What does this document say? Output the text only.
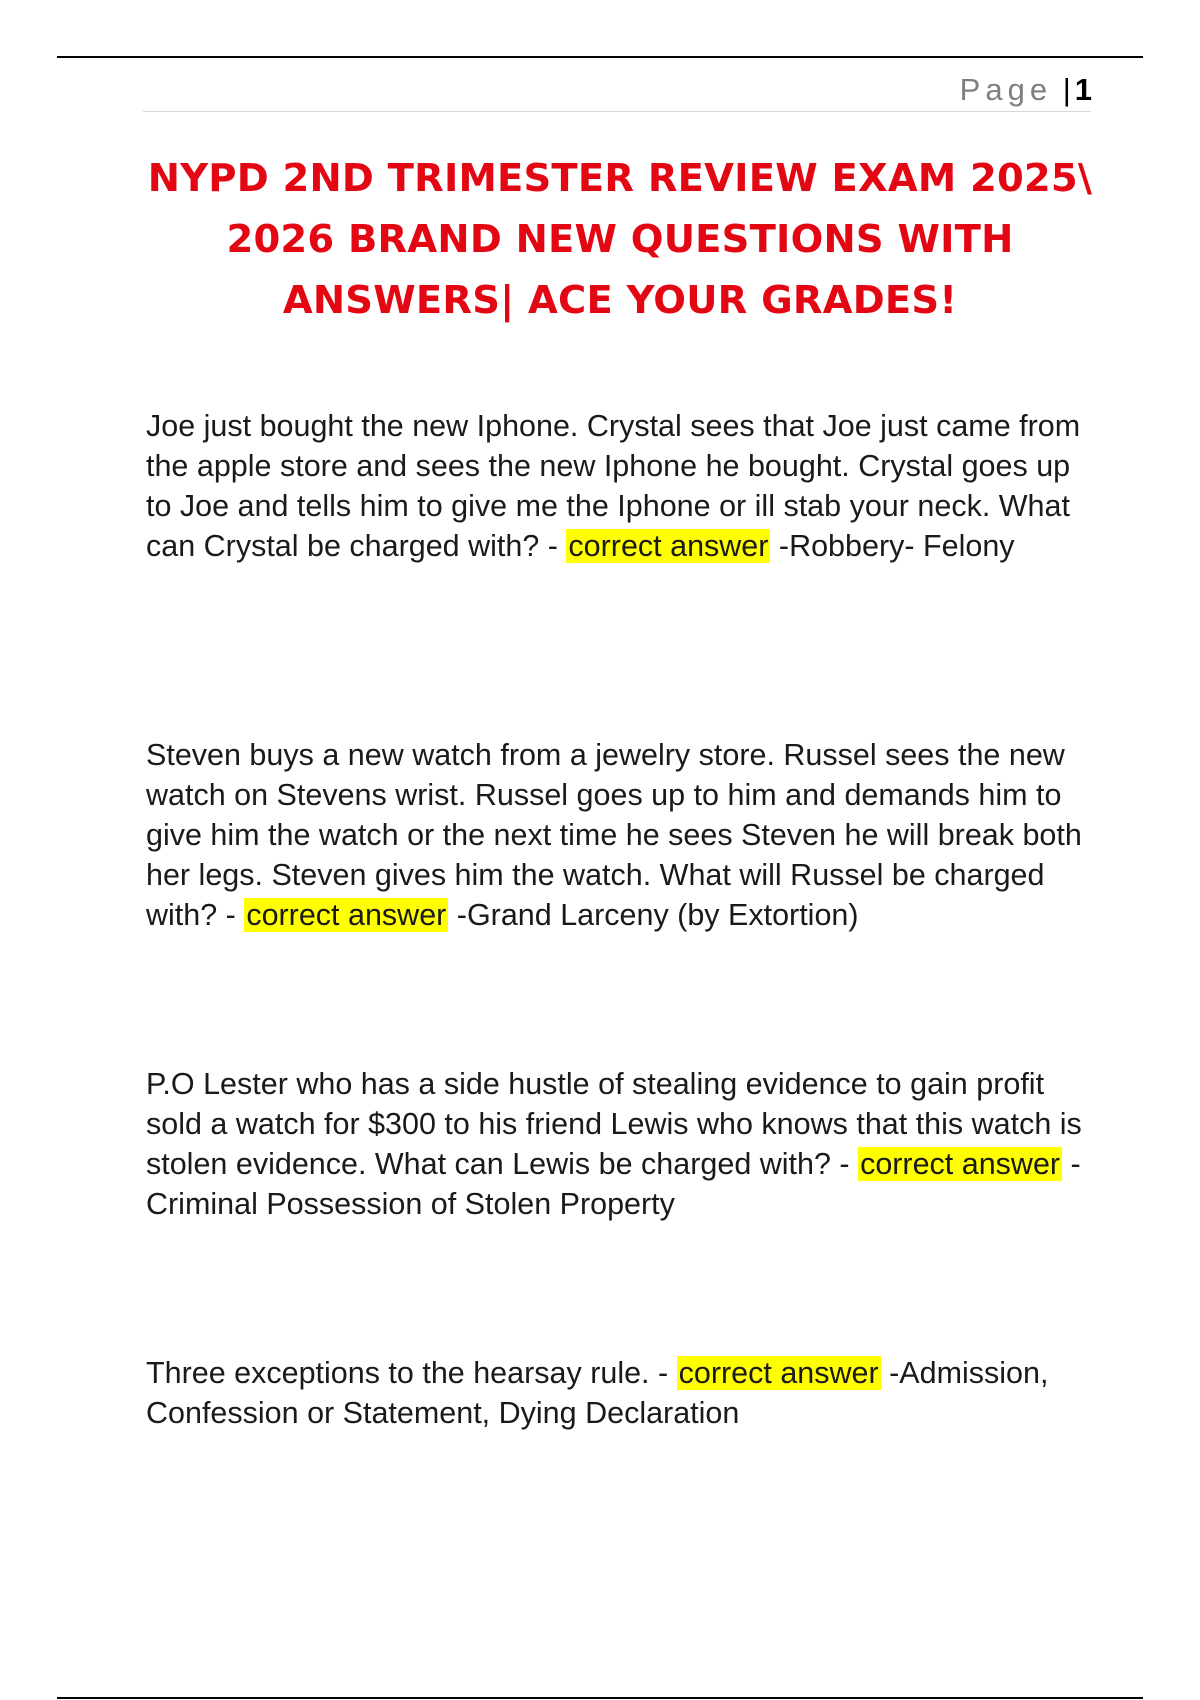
Page | 1
NYPD 2ND TRIMESTER REVIEW EXAM 2025\ 2026 BRAND NEW QUESTIONS WITH ANSWERS| ACE YOUR GRADES!

Joe just bought the new Iphone. Crystal sees that Joe just came from the apple store and sees the new Iphone he bought. Crystal goes up to Joe and tells him to give me the Iphone or ill stab your neck. What can Crystal be charged with? - correct answer -Robbery- Felony

Steven buys a new watch from a jewelry store. Russel sees the new watch on Stevens wrist. Russel goes up to him and demands him to give him the watch or the next time he sees Steven he will break both her legs. Steven gives him the watch. What will Russel be charged with? - correct answer -Grand Larceny (by Extortion)

P.O Lester who has a side hustle of stealing evidence to gain profit sold a watch for $300 to his friend Lewis who knows that this watch is stolen evidence. What can Lewis be charged with? - correct answer -Criminal Possession of Stolen Property

Three exceptions to the hearsay rule. - correct answer -Admission, Confession or Statement, Dying Declaration
